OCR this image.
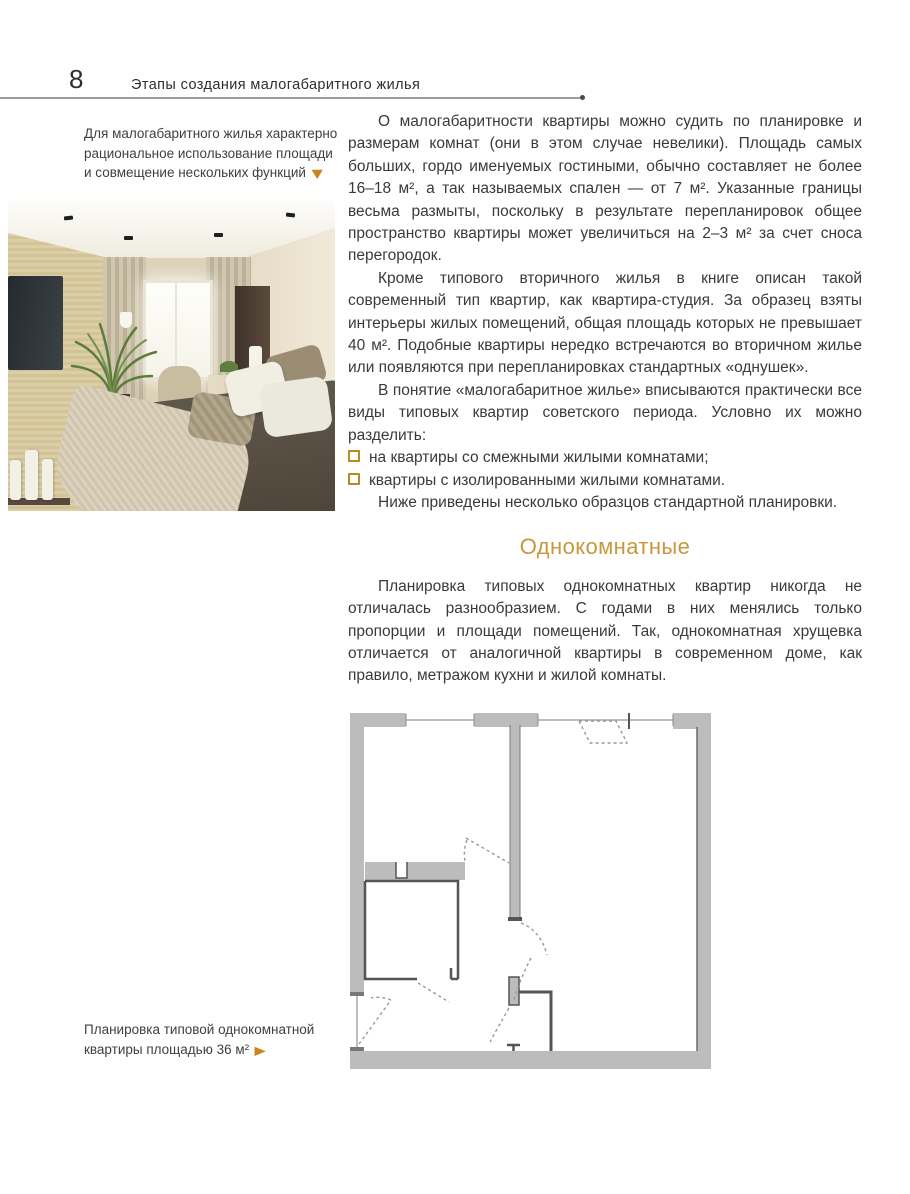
8	Этапы создания малогабаритного жилья
Для малогабаритного жилья характерно
рациональное использование площади
и совмещение нескольких функций ▼

О малогабаритности квартиры можно судить по планировке и размерам комнат (они в этом случае невелики). Площадь самых больших, гордо именуемых гостиными, обычно составляет не более 16–18 м², а так называемых спален — от 7 м². Указанные границы весьма размыты, поскольку в результате перепланировок общее пространство квартиры может увеличиться на 2–3 м² за счет сноса перегородок.

Кроме типового вторичного жилья в книге описан такой современный тип квартир, как квартира-студия. За образец взяты интерьеры жилых помещений, общая площадь которых не превышает 40 м². Подобные квартиры нередко встречаются во вторичном жилье или появляются при перепланировках стандартных «однушек».

В понятие «малогабаритное жилье» вписываются практически все виды типовых квартир советского периода. Условно их можно разделить:

на квартиры со смежными жилыми комнатами;
квартиры с изолированными жилыми комнатами.

Ниже приведены несколько образцов стандартной планировки.

Однокомнатные

Планировка типовых однокомнатных квартир никогда не отличалась разнообразием. С годами в них менялись только пропорции и площади помещений. Так, однокомнатная хрущевка отличается от аналогичной квартиры в современном доме, как правило, метражом кухни и жилой комнаты.

Планировка типовой однокомнатной
квартиры площадью 36 м² ▶
